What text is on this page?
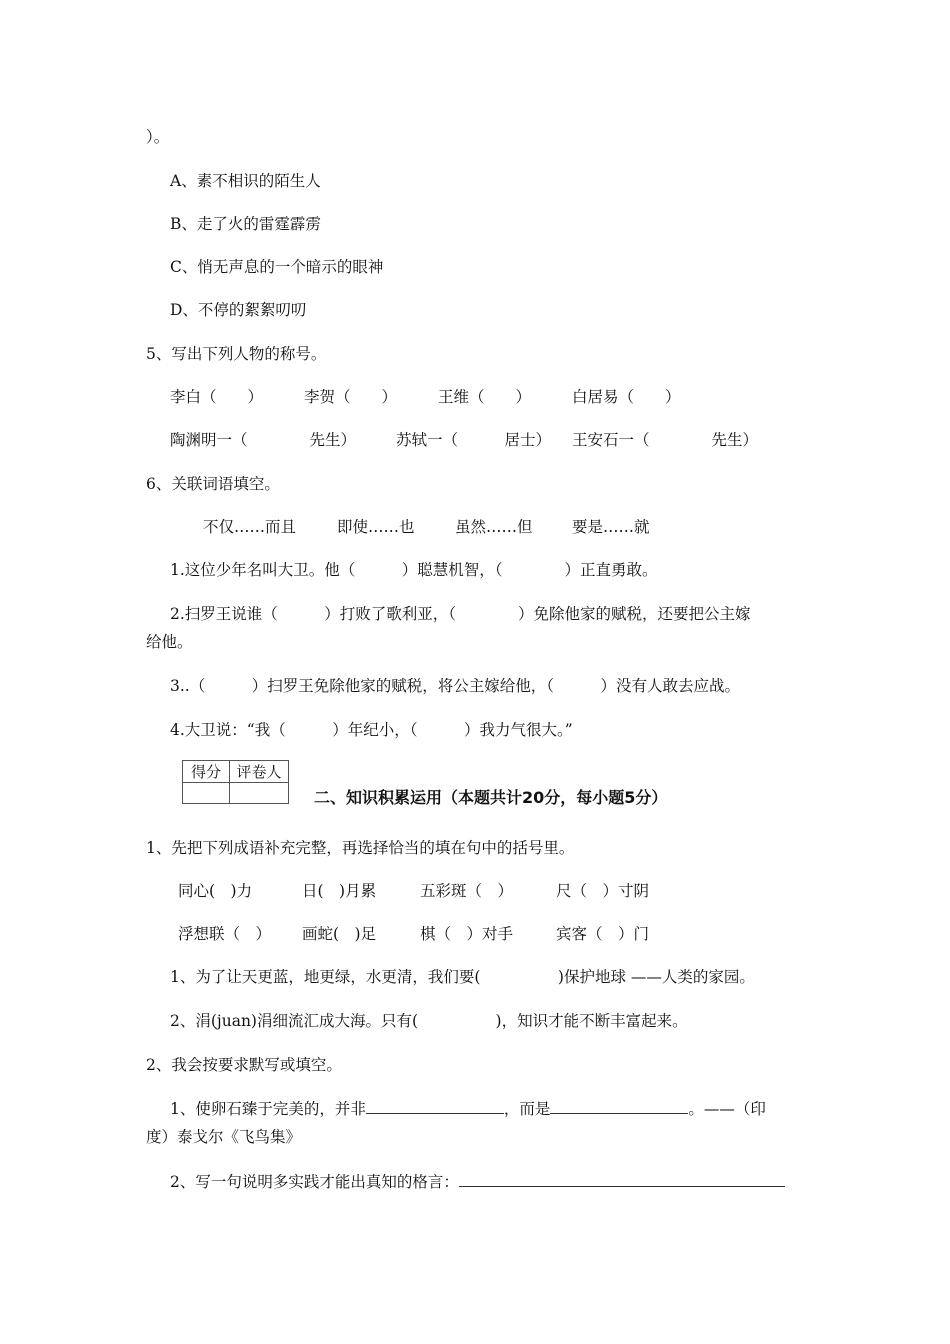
）。
A、素不相识的陌生人
B、走了火的雷霆霹雳
C、悄无声息的一个暗示的眼神
D、不停的絮絮叨叨
5、写出下列人物的称号。
李白（　　）	李贺（　　）	王维（　　）	白居易（　　）
陶渊明一（　　　　先生）	苏轼一（　　　居士） 王安石一（　　　　先生）
6、关联词语填空。
不仅……而且	即使……也	虽然……但	要是……就
1.这位少年名叫大卫。他（　　　）聪慧机智，（　　　　）正直勇敢。
2.扫罗王说谁（　　　）打败了歌利亚，（　　　　）免除他家的赋税，还要把公主嫁
给他。
3..（　　　）扫罗王免除他家的赋税，将公主嫁给他，（　　　）没有人敢去应战。
4.大卫说：“我（　　　）年纪小，（　　　）我力气很大。”
得分	评卷人

二、知识积累运用（本题共计20分，每小题5分）
1、先把下列成语补充完整，再选择恰当的填在句中的括号里。
同心(　)力	日(　)月累	五彩斑（　）	尺（　）寸阴
浮想联（　） 画蛇(　)足	棋（　）对手	宾客（　）门
1、为了让天更蓝，地更绿，水更清，我们要(　　　　　)保护地球 ——人类的家园。
2、涓(juan)涓细流汇成大海。只有(　　　　　)，知识才能不断丰富起来。
2、我会按要求默写或填空。
1、使卵石臻于完美的，并非	，而是	。——（印
度）泰戈尔《飞鸟集》
2、写一句说明多实践才能出真知的格言：
